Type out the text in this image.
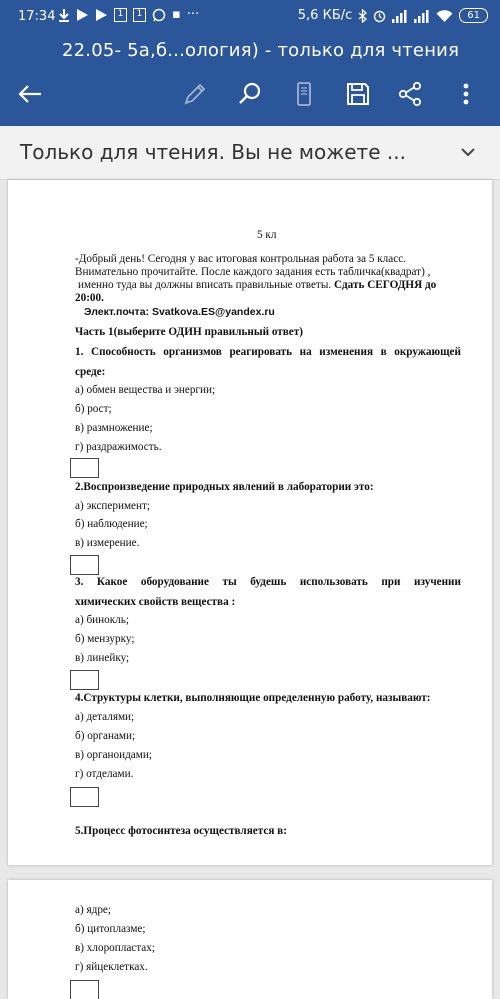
17:34	1	1 ▪ ···	5,6 КБ/с	61
22.05- 5а,б...ология) - только для чтения
Только для чтения. Вы не можете ...
5 кл
-Добрый день! Сегодня у вас итоговая контрольная работа за 5 класс.
Внимательно прочитайте. После каждого задания есть табличка(квадрат) ,
именно туда вы должны вписать правильные ответы. Сдать СЕГОДНЯ до
20:00.
Элект.почта: Svatkova.ES@yandex.ru
Часть 1(выберите ОДИН правильный ответ)
1. Способность организмов реагировать на изменения в окружающей
среде:
а) обмен вещества и энергии;
б) рост;
в) размножение;
г) раздражимость.
2.Воспроизведение природных явлений в лаборатории это:
а) эксперимент;
б) наблюдение;
в) измерение.
3. Какое оборудование ты будешь использовать при изучении
химических свойств вещества :
а) бинокль;
б) мензурку;
в) линейку;
4.Структуры клетки, выполняющие определенную работу, называют:
а) деталями;
б) органами;
в) органоидами;
г) отделами.
5.Процесс фотосинтеза осуществляется в:
а) ядре;
б) цитоплазме;
в) хлоропластах;
г) яйцеклетках.
